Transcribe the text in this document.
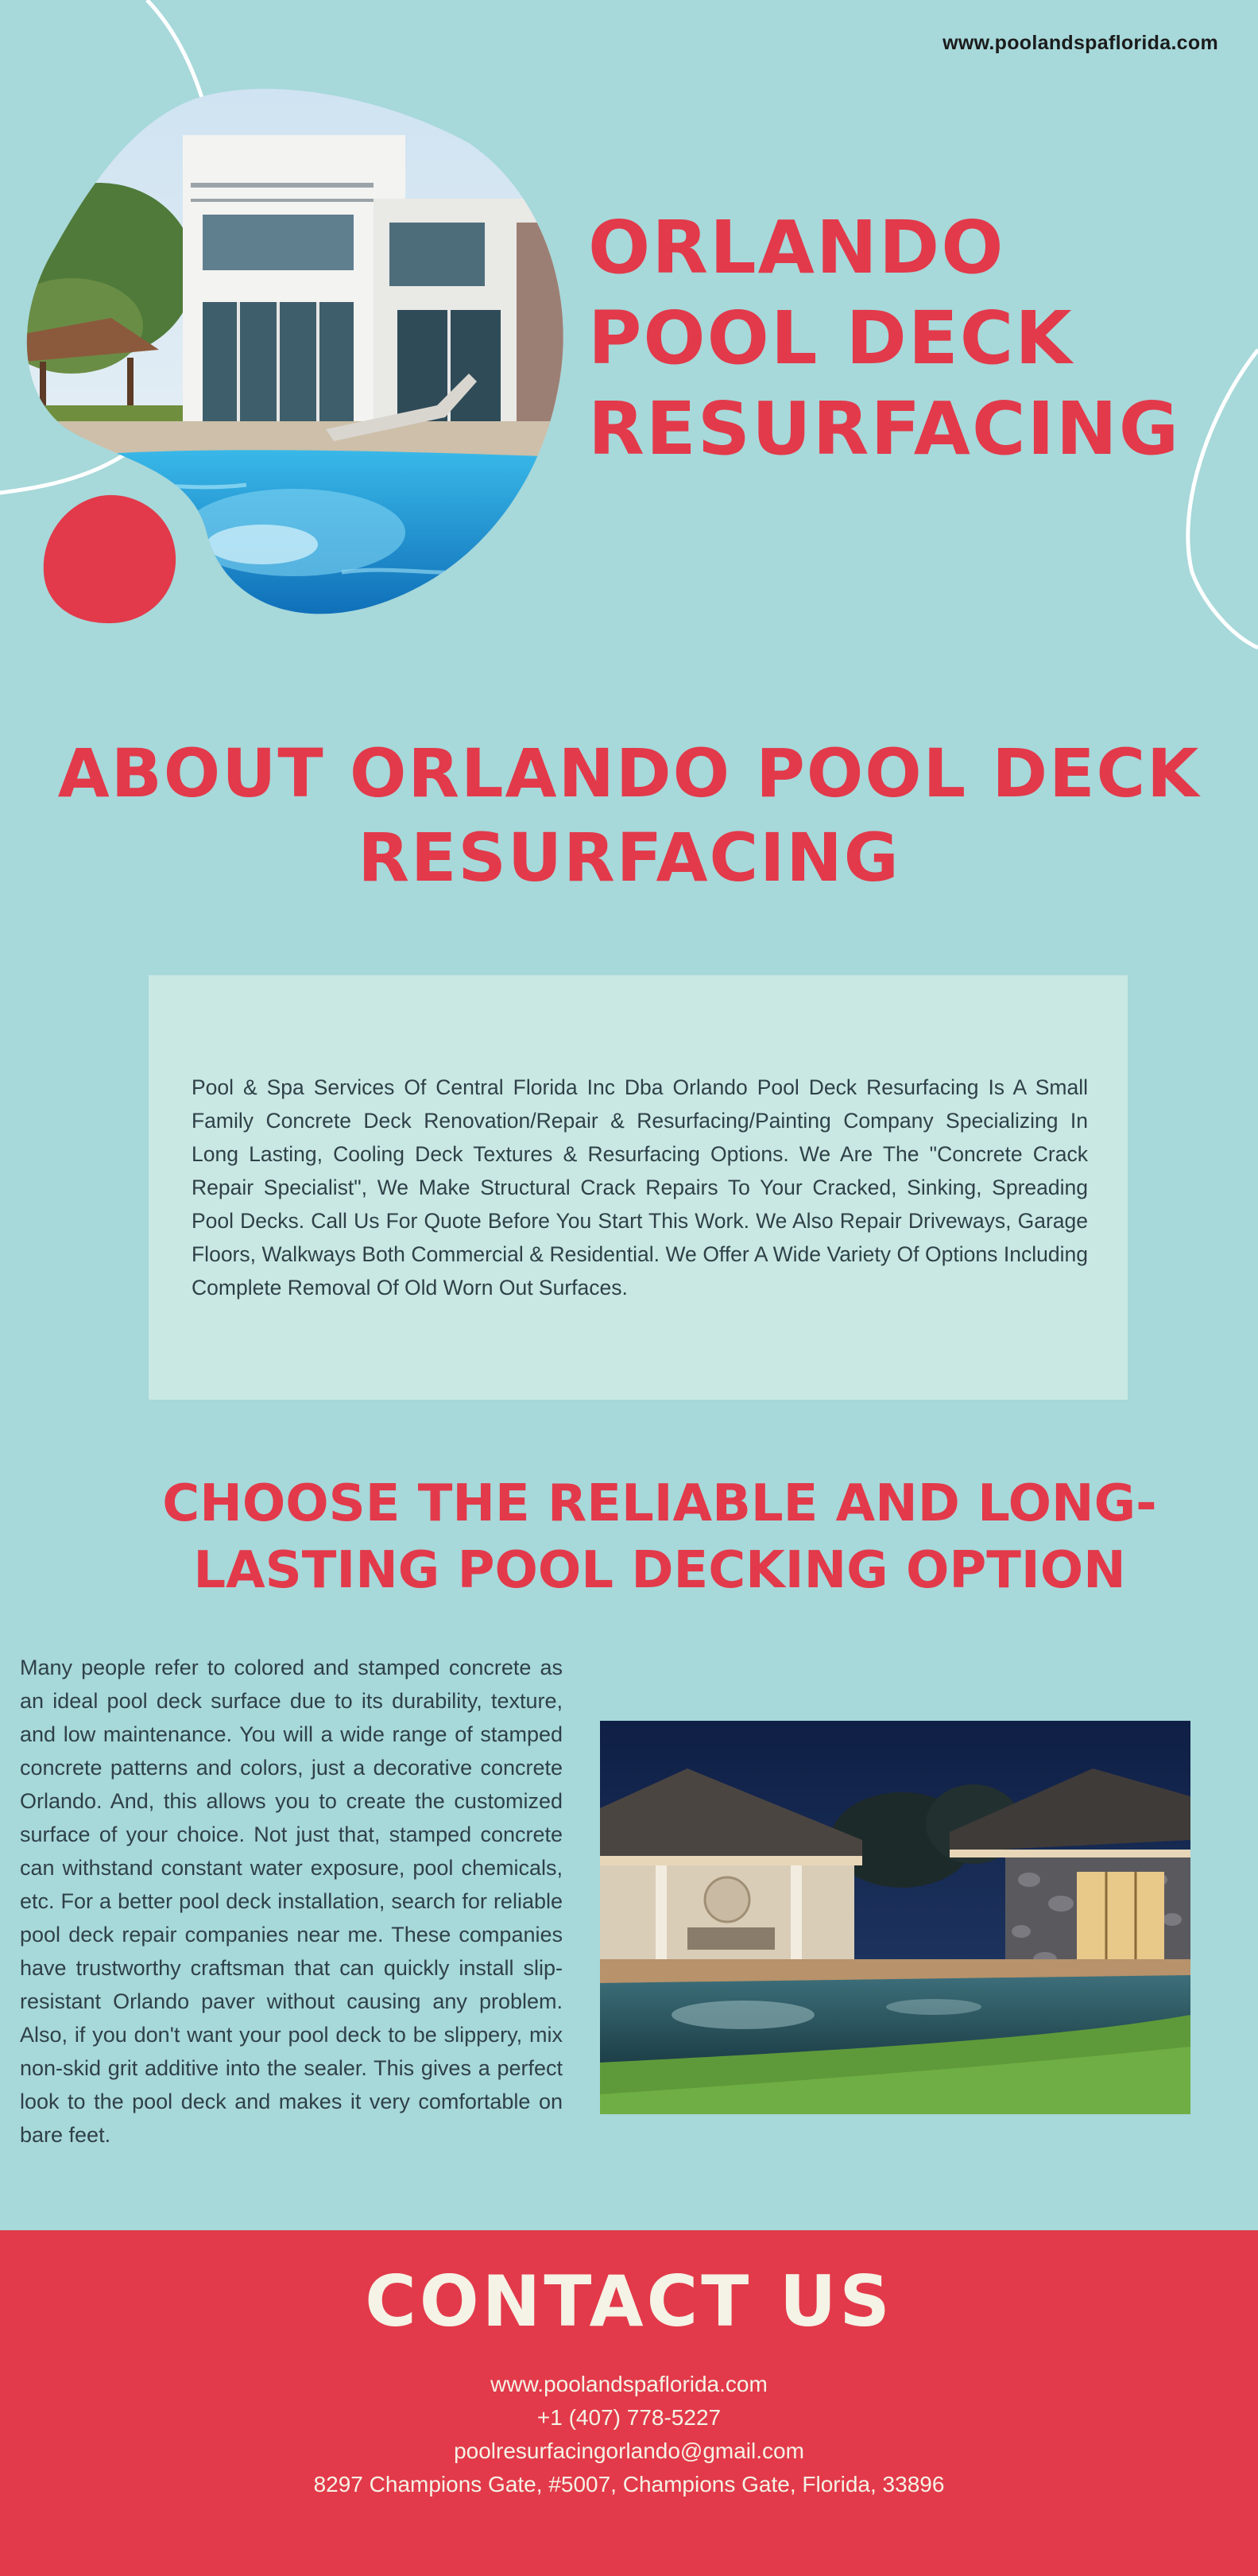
www.poolandspaflorida.com
ORLANDO POOL DECK RESURFACING
ABOUT ORLANDO POOL DECK RESURFACING

Pool & Spa Services Of Central Florida Inc Dba Orlando Pool Deck Resurfacing Is A Small Family Concrete Deck Renovation/Repair & Resurfacing/Painting Company Specializing In Long Lasting, Cooling Deck Textures & Resurfacing Options. We Are The "Concrete Crack Repair Specialist", We Make Structural Crack Repairs To Your Cracked, Sinking, Spreading Pool Decks. Call Us For Quote Before You Start This Work. We Also Repair Driveways, Garage Floors, Walkways Both Commercial & Residential. We Offer A Wide Variety Of Options Including Complete Removal Of Old Worn Out Surfaces.

CHOOSE THE RELIABLE AND LONG-LASTING POOL DECKING OPTION

Many people refer to colored and stamped concrete as an ideal pool deck surface due to its durability, texture, and low maintenance. You will a wide range of stamped concrete patterns and colors, just a decorative concrete Orlando. And, this allows you to create the customized surface of your choice. Not just that, stamped concrete can withstand constant water exposure, pool chemicals, etc. For a better pool deck installation, search for reliable pool deck repair companies near me. These companies have trustworthy craftsman that can quickly install slip-resistant Orlando paver without causing any problem. Also, if you don't want your pool deck to be slippery, mix non-skid grit additive into the sealer. This gives a perfect look to the pool deck and makes it very comfortable on bare feet.

CONTACT US
www.poolandspaflorida.com
+1 (407) 778-5227
poolresurfacingorlando@gmail.com
8297 Champions Gate, #5007, Champions Gate, Florida, 33896
